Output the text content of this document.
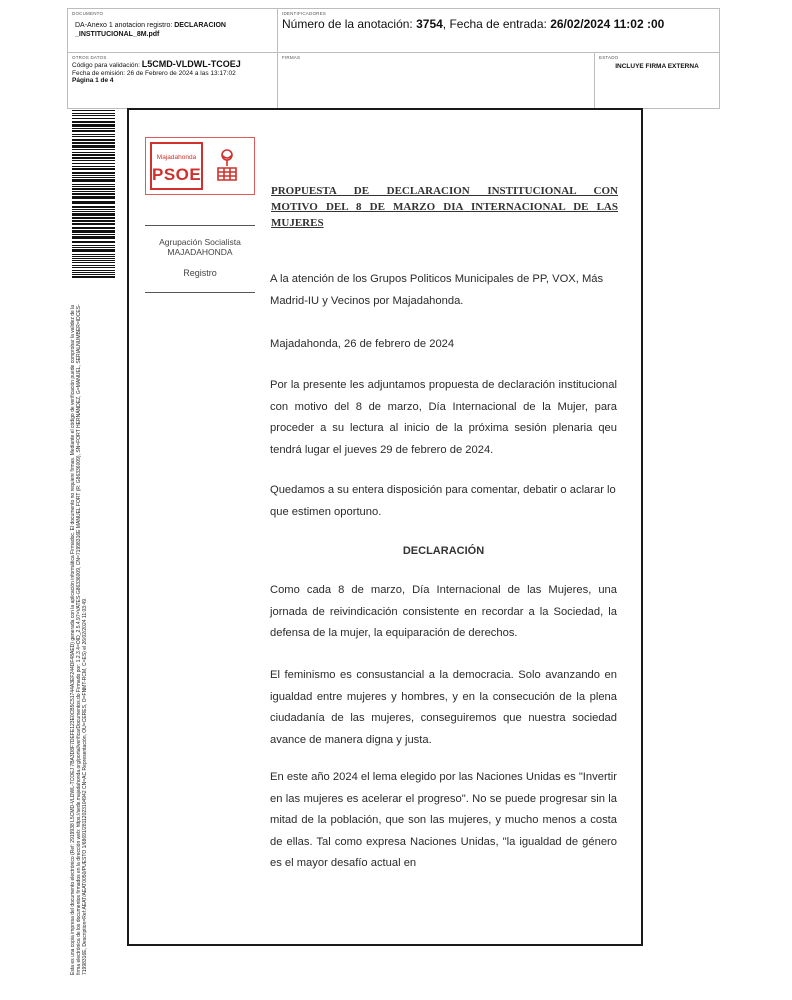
DOCUMENTO
DA-Anexo 1 anotacion registro: DECLARACION _INSTITUCIONAL_8M.pdf
IDENTIFICADORES
Número de la anotación: 3754, Fecha de entrada: 26/02/2024 11:02 :00
OTROS DATOS
Código para validación: L5CMD-VLDWL-TCOEJ
Fecha de emisión: 26 de Febrero de 2024 a las 13:17:02
Página 1 de 4
FIRMAS	ESTADO
INCLUYE FIRMA EXTERNA
Esta es una copia impresa del documento electrónico (Ref: 2919938 L5CMD-VLDWL-TCOEJ 7BA3D8F7DEFE123E0CB5C51744A3EF244DF48AED) generada con la aplicación informática Firmadoc. El documento no requiere firmas. Mediante el código de verificación puede comprobar la validez de la firma electrónica de los documentos firmados en la dirección web: https://sede.majadahonda.org/portal/verificarDocumentos.do Firmado por: 1.2.3.4=OID_2.5.4.97=VATES-G86336009, CN=71998316E MANUEL FORT (R: G86336009), SN=FORT HERNÁNDEZ, G=MANUEL, SERIALNUMBER=IDCES-71998316E, Description=Ref:AEAT/AEAT0050/PUESTO 1/68691/28112023104942 CN=AC Representación, OU=CERES, O=FNMT-RCM, C=ES) el 26/02/2024 11:03:49.
Majadahonda
PSOE
Agrupación Socialista
MAJADAHONDA
Registro
PROPUESTA DE DECLARACION INSTITUCIONAL CON
MOTIVO DEL 8 DE MARZO DIA INTERNACIONAL DE LAS
MUJERES
A la atención de los Grupos Politicos Municipales de PP, VOX, Más Madrid-IU y Vecinos por Majadahonda.
Majadahonda, 26 de febrero de 2024
Por la presente les adjuntamos propuesta de declaración institucional con motivo del 8 de marzo, Día Internacional de la Mujer, para proceder a su lectura al inicio de la próxima sesión plenaria qeu tendrá lugar el jueves 29 de febrero de 2024.
Quedamos a su entera disposición para comentar, debatir o aclarar lo que estimen oportuno.
DECLARACIÓN
Como cada 8 de marzo, Día Internacional de las Mujeres, una jornada de reivindicación consistente en recordar a la Sociedad, la defensa de la mujer, la equiparación de derechos.
El feminismo es consustancial a la democracia. Solo avanzando en igualdad entre mujeres y hombres, y en la consecución de la plena ciudadanía de las mujeres, conseguiremos que nuestra sociedad avance de manera digna y justa.
En este año 2024 el lema elegido por las Naciones Unidas es "Invertir en las mujeres es acelerar el progreso". No se puede progresar sin la mitad de la población, que son las mujeres, y mucho menos a costa de ellas. Tal como expresa Naciones Unidas, "la igualdad de género es el mayor desafío actual en
